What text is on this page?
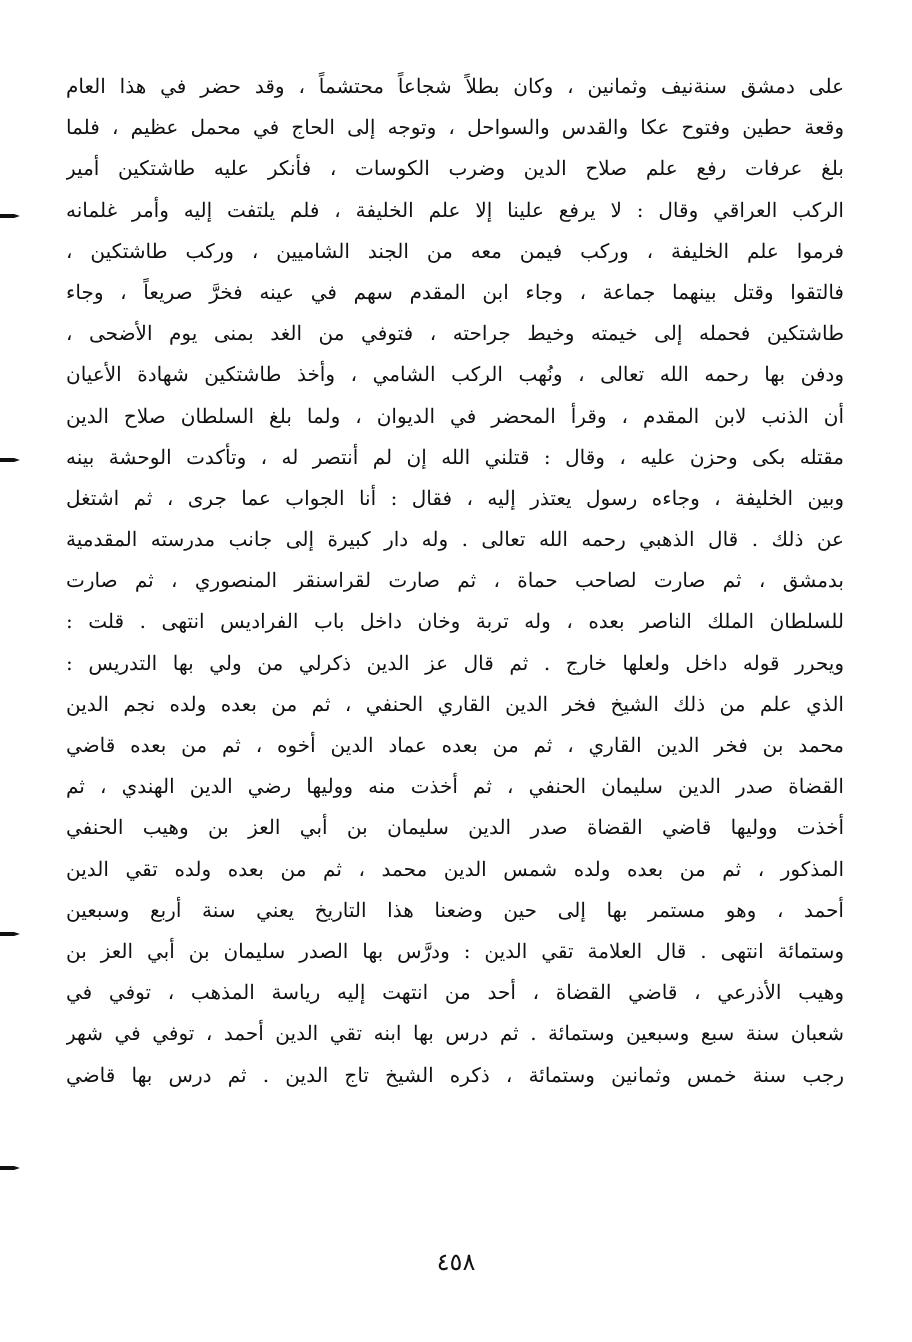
على دمشق سنةنيف وثمانين ، وكان بطلاً شجاعاً محتشماً ، وقد حضر في هذا العام
وقعة حطين وفتوح عكا والقدس والسواحل ، وتوجه إلى الحاج في محمل عظيم ، فلما
بلغ عرفات رفع علم صلاح الدين وضرب الكوسات ، فأنكر عليه طاشتكين أمير
الركب العراقي وقال : لا يرفع علينا إلا علم الخليفة ، فلم يلتفت إليه وأمر غلمانه
فرموا علم الخليفة ، وركب فيمن معه من الجند الشاميين ، وركب طاشتكين ،
فالتقوا وقتل بينهما جماعة ، وجاء ابن المقدم سهم في عينه فخرَّ صريعاً ، وجاء
طاشتكين فحمله إلى خيمته وخيط جراحته ، فتوفي من الغد بمنى يوم الأضحى ،
ودفن بها رحمه الله تعالى ، ونُهب الركب الشامي ، وأخذ طاشتكين شهادة الأعيان
أن الذنب لابن المقدم ، وقرأ المحضر في الديوان ، ولما بلغ السلطان صلاح الدين
مقتله بكى وحزن عليه ، وقال : قتلني الله إن لم أنتصر له ، وتأكدت الوحشة بينه
وبين الخليفة ، وجاءه رسول يعتذر إليه ، فقال : أنا الجواب عما جرى ، ثم اشتغل
عن ذلك . قال الذهبي رحمه الله تعالى . وله دار كبيرة إلى جانب مدرسته المقدمية
بدمشق ، ثم صارت لصاحب حماة ، ثم صارت لقراسنقر المنصوري ، ثم صارت
للسلطان الملك الناصر بعده ، وله تربة وخان داخل باب الفراديس انتهى . قلت :
ويحرر قوله داخل ولعلها خارج . ثم قال عز الدين ذكرلي من ولي بها التدريس :
الذي علم من ذلك الشيخ فخر الدين القاري الحنفي ، ثم من بعده ولده نجم الدين
محمد بن فخر الدين القاري ، ثم من بعده عماد الدين أخوه ، ثم من بعده قاضي
القضاة صدر الدين سليمان الحنفي ، ثم أخذت منه ووليها رضي الدين الهندي ، ثم
أخذت ووليها قاضي القضاة صدر الدين سليمان بن أبي العز بن وهيب الحنفي
المذكور ، ثم من بعده ولده شمس الدين محمد ، ثم من بعده ولده تقي الدين
أحمد ، وهو مستمر بها إلى حين وضعنا هذا التاريخ يعني سنة أربع وسبعين
وستمائة انتهى . قال العلامة تقي الدين : ودرَّس بها الصدر سليمان بن أبي العز بن
وهيب الأذرعي ، قاضي القضاة ، أحد من انتهت إليه رياسة المذهب ، توفي في
شعبان سنة سبع وسبعين وستمائة . ثم درس بها ابنه تقي الدين أحمد ، توفي في شهر
رجب سنة خمس وثمانين وستمائة ، ذكره الشيخ تاج الدين . ثم درس بها قاضي
٤٥٨
